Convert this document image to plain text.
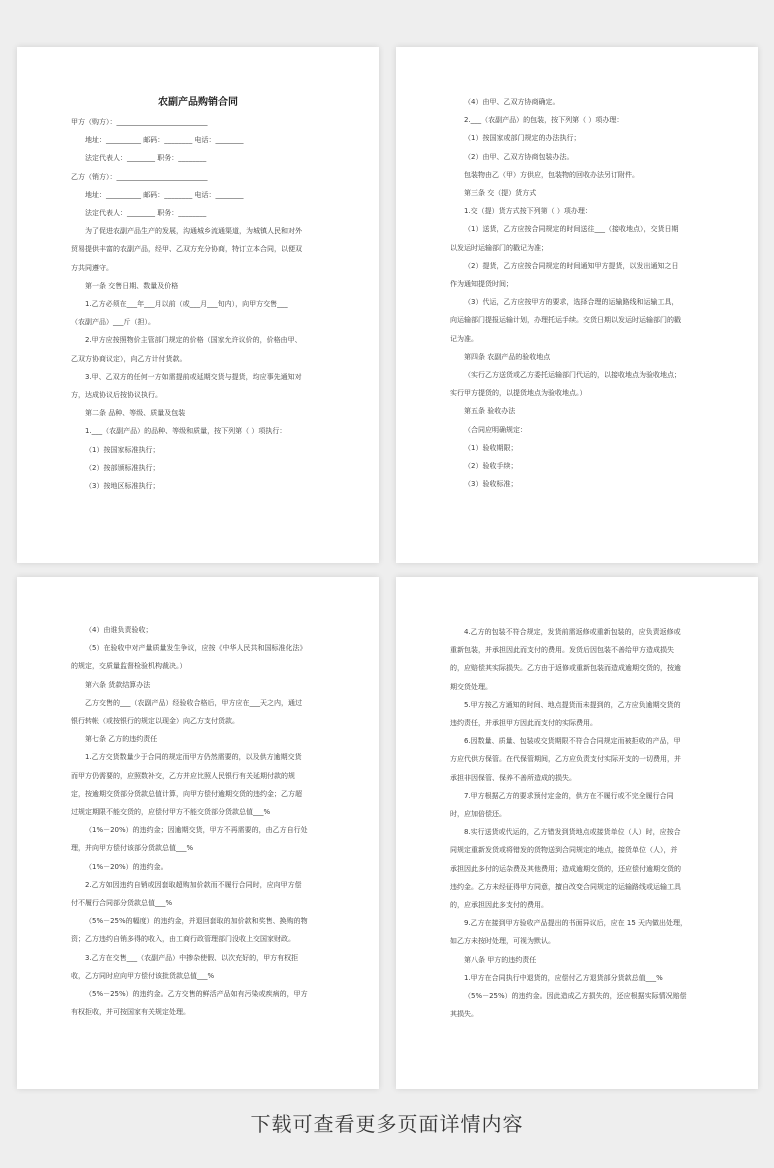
农副产品购销合同
甲方（购方）：__________________________
地址：__________ 邮码：________ 电话：________
法定代表人：________ 职务：________
乙方（销方）：__________________________
地址：__________ 邮码：________ 电话：________
法定代表人：________ 职务：________
为了促进农副产品生产的发展，沟通城乡流通渠道，为城镇人民和对外
贸易提供丰富的农副产品，经甲、乙双方充分协商，特订立本合同，以便双
方共同遵守。
第一条 交售日期、数量及价格
1.乙方必须在___年___月以前（或___月___旬内），向甲方交售___
（农副产品）___斤（担）。
2.甲方应按照物价主管部门规定的价格（国家允许议价的，价格由甲、
乙双方协商议定），向乙方计付货款。
3.甲、乙双方的任何一方如需提前或延期交货与提货，均应事先通知对
方，达成协议后按协议执行。
第二条 品种、等级、质量及包装
1.___（农副产品）的品种、等级和质量，按下列第（ ）项执行：
（1）按国家标准执行；
（2）按部颁标准执行；
（3）按地区标准执行；
（4）由甲、乙双方协商确定。
2.___（农副产品）的包装，按下列第（ ）项办理：
（1）按国家或部门规定的办法执行；
（2）由甲、乙双方协商包装办法。
包装物由乙（甲）方供应，包装物的回收办法另订附件。
第三条 交（提）货方式
1.交（提）货方式按下列第（ ）项办理：
（1）送货，乙方应按合同规定的时间送往___（接收地点），交货日期
以发运时运输部门的戳记为准；
（2）提货，乙方应按合同规定的时间通知甲方提货，以发出通知之日
作为通知提货时间；
（3）代运，乙方应按甲方的要求，选择合理的运输路线和运输工具，
向运输部门提报运输计划，办理托运手续。交货日期以发运时运输部门的戳
记为准。
第四条 农副产品的验收地点
（实行乙方送货或乙方委托运输部门代运的，以接收地点为验收地点；
实行甲方提货的，以提货地点为验收地点。）
第五条 验收办法
（合同应明确规定：
（1）验收期限；
（2）验收手续；
（3）验收标准；
（4）由谁负责验收；
（5）在验收中对产量质量发生争议，应按《中华人民共和国标准化法》
的规定，交质量监督检验机构裁决。）
第六条 货款结算办法
乙方交售的___（农副产品）经验收合格后，甲方应在___天之内，通过
银行转帐（或按银行的规定以现金）向乙方支付货款。
第七条 乙方的违约责任
1.乙方交货数量少于合同的规定而甲方仍然需要的，以及供方逾期交货
而甲方仍需要的，应照数补交，乙方并应比照人民银行有关延期付款的规
定，按逾期交货部分货款总值计算，向甲方偿付逾期交货的违约金；乙方超
过规定期限不能交货的，应偿付甲方不能交货部分货款总值___%
（1%－20%）的违约金；因逾期交货，甲方不再需要的，由乙方自行处
理，并向甲方偿付该部分货款总值___%
（1%－20%）的违约金。
2.乙方如因违约自销或因套取超购加价款而不履行合同时，应向甲方偿
付不履行合同部分货款总值___%
（5%－25%的幅度）的违约金，并退回套取的加价款和奖售、换购的物
资；乙方违约自销多得的收入，由工商行政管理部门没收上交国家财政。
3.乙方在交售___（农副产品）中掺杂使假、以次充好的，甲方有权拒
收，乙方同时应向甲方偿付该批货款总值___%
（5%－25%）的违约金。乙方交售的鲜活产品如有污染或疾病的，甲方
有权拒收，并可按国家有关规定处理。
4.乙方的包装不符合规定，发货前需返修或重新包装的，应负责返修或
重新包装，并承担因此而支付的费用。发货后因包装不善给甲方造成损失
的，应赔偿其实际损失。乙方由于返修或重新包装而造成逾期交货的，按逾
期交货处理。
5.甲方按乙方通知的时间、地点提货而未提到的，乙方应负逾期交货的
违约责任，并承担甲方因此而支付的实际费用。
6.因数量、质量、包装或交货期限不符合合同规定而被拒收的产品，甲
方应代供方保管。在代保管期间，乙方应负责支付实际开支的一切费用，并
承担非因保管、保养不善所造成的损失。
7.甲方根据乙方的要求预付定金的，供方在不履行或不完全履行合同
时，应加倍偿还。
8.实行送货或代运的，乙方错发到货地点或接货单位（人）时，应按合
同规定重新发货或将错发的货物送到合同规定的地点，接货单位（人），并
承担因此多付的运杂费及其他费用；造成逾期交货的，还应偿付逾期交货的
违约金。乙方未经征得甲方同意，擅自改变合同规定的运输路线或运输工具
的，应承担因此多支付的费用。
9.乙方在接到甲方验收产品提出的书面异议后，应在 15 天内做出处理，
如乙方未按时处理，可视为默认。
第八条 甲方的违约责任
1.甲方在合同执行中退货的，应偿付乙方退货部分货款总值___%
（5%－25%）的违约金。因此造成乙方损失的，还应根据实际情况赔偿
其损失。
下载可查看更多页面详情内容
